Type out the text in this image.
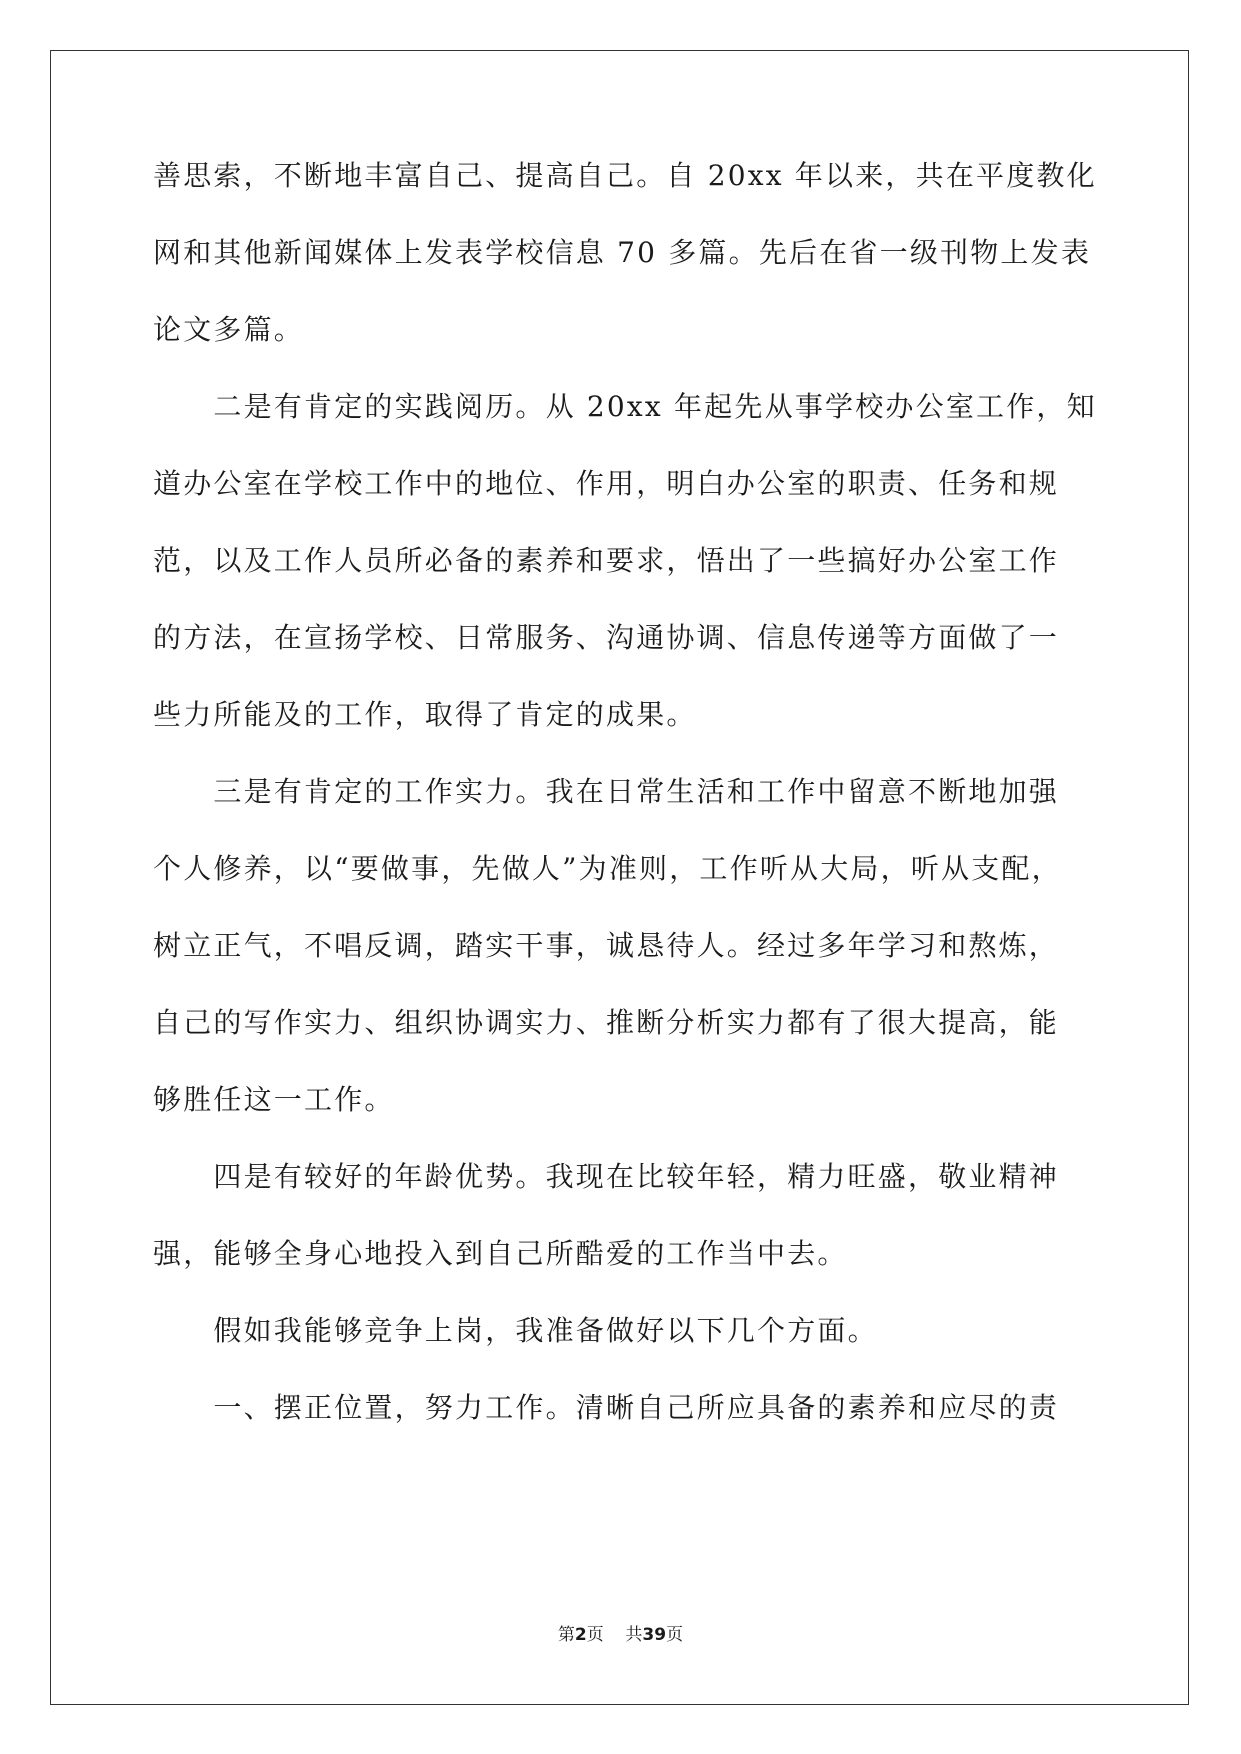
善思索，不断地丰富自己、提高自己。自 20xx 年以来，共在平度教化
网和其他新闻媒体上发表学校信息 70 多篇。先后在省一级刊物上发表
论文多篇。
　　二是有肯定的实践阅历。从 20xx 年起先从事学校办公室工作，知
道办公室在学校工作中的地位、作用，明白办公室的职责、任务和规
范，以及工作人员所必备的素养和要求，悟出了一些搞好办公室工作
的方法，在宣扬学校、日常服务、沟通协调、信息传递等方面做了一
些力所能及的工作，取得了肯定的成果。
　　三是有肯定的工作实力。我在日常生活和工作中留意不断地加强
个人修养，以“要做事，先做人”为准则，工作听从大局，听从支配，
树立正气，不唱反调，踏实干事，诚恳待人。经过多年学习和熬炼，
自己的写作实力、组织协调实力、推断分析实力都有了很大提高，能
够胜任这一工作。
　　四是有较好的年龄优势。我现在比较年轻，精力旺盛，敬业精神
强，能够全身心地投入到自己所酷爱的工作当中去。
　　假如我能够竞争上岗，我准备做好以下几个方面。
　　一、摆正位置，努力工作。清晰自己所应具备的素养和应尽的责
第2页 共39页
